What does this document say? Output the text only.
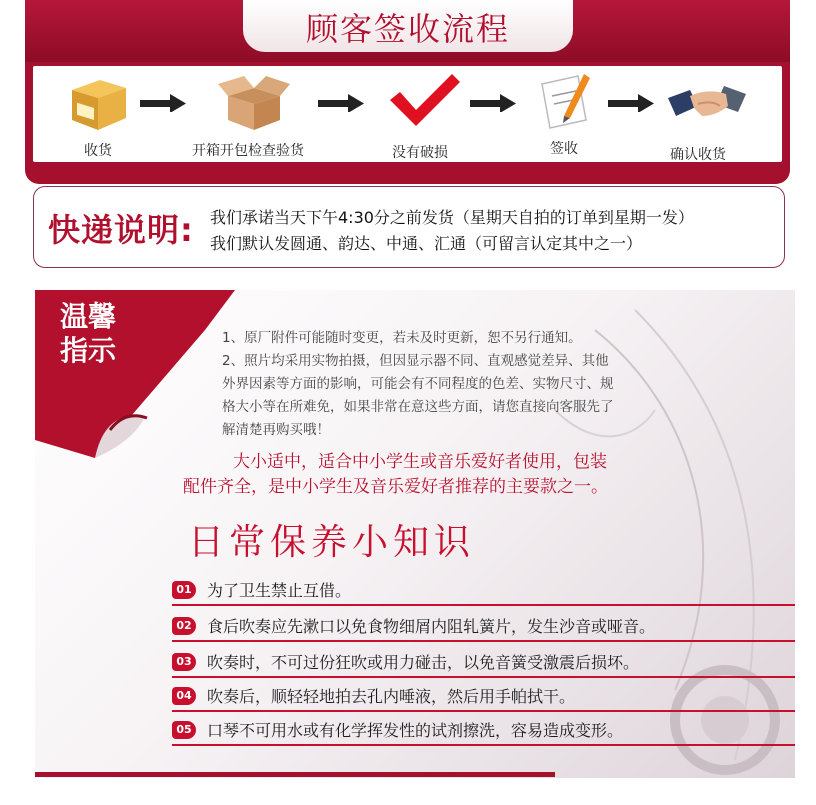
顾客签收流程
收货	开箱开包检查验货	没有破损	签收	确认收货
快递说明: 我们承诺当天下午4:30分之前发货（星期天自拍的订单到星期一发）
我们默认发圆通、韵达、中通、汇通（可留言认定其中之一）
温馨
指示	1、原厂附件可能随时变更，若未及时更新，恕不另行通知。
2、照片均采用实物拍摄，但因显示器不同、直观感觉差异、其他
外界因素等方面的影响，可能会有不同程度的色差、实物尺寸、规
格大小等在所难免，如果非常在意这些方面，请您直接向客服先了
解清楚再购买哦！
大小适中，适合中小学生或音乐爱好者使用，包装
配件齐全，是中小学生及音乐爱好者推荐的主要款之一。
日常保养小知识
01 为了卫生禁止互借。
02 食后吹奏应先漱口以免食物细屑内阻轧簧片，发生沙音或哑音。
03 吹奏时，不可过份狂吹或用力碰击，以免音簧受激震后损坏。
04 吹奏后，顺轻轻地拍去孔内唾液，然后用手帕拭干。
05 口琴不可用水或有化学挥发性的试剂擦洗，容易造成变形。
